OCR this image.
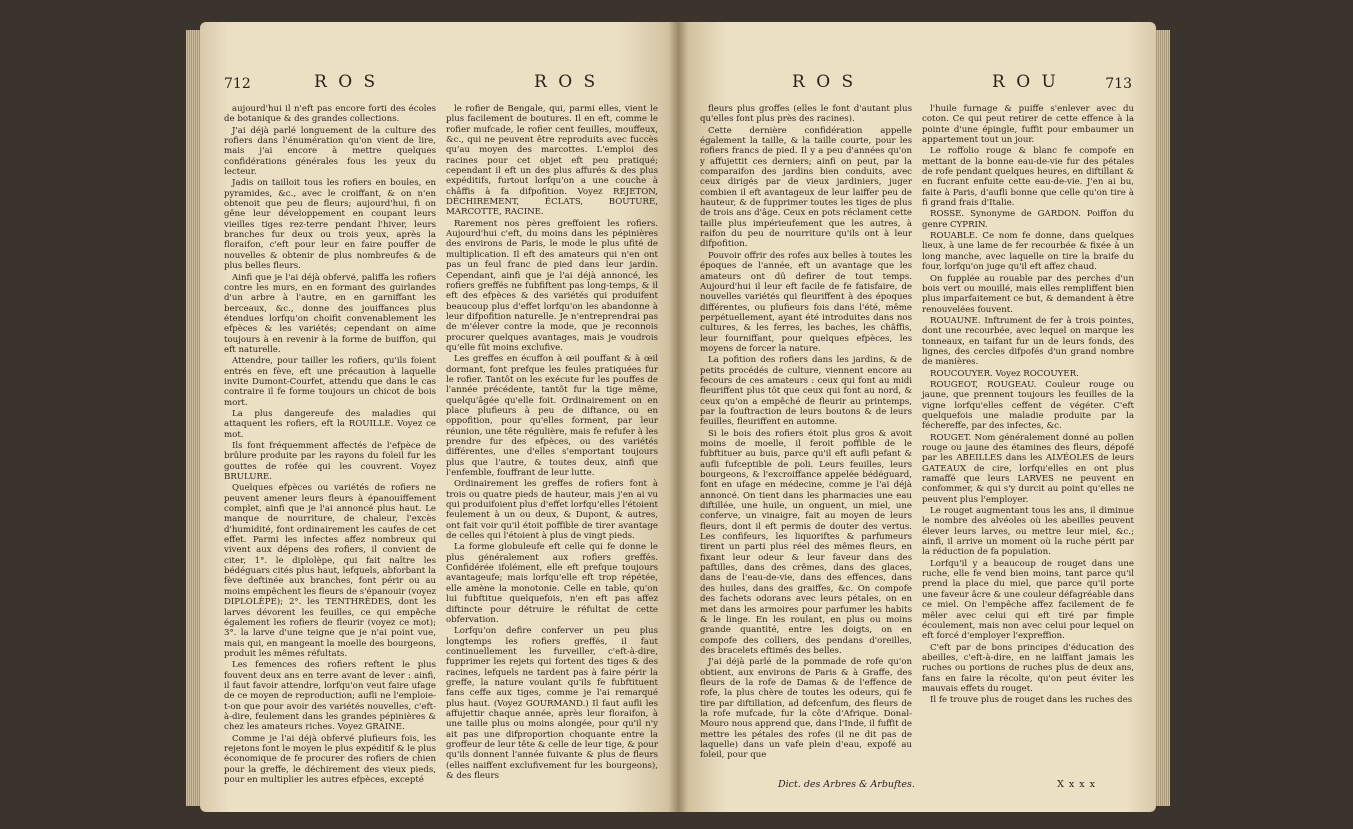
712	R O S	R O S

aujourd'hui il n'eft pas encore forti des écoles de botanique & des grandes collections.

J'ai déjà parlé longuement de la culture des rofiers dans l'énumération qu'on vient de lire, mais j'ai encore à mettre quelques confidérations générales fous les yeux du lecteur.

Jadis on tailloit tous les rofiers en boules, en pyramides, &c., avec le croiffant, & on n'en obtenoit que peu de fleurs; aujourd'hui, fi on gêne leur développement en coupant leurs vieilles tiges rez-terre pendant l'hiver, leurs branches fur deux ou trois yeux, après la floraifon, c'eft pour leur en faire pouffer de nouvelles & obtenir de plus nombreufes & de plus belles fleurs.

Ainfi que je l'ai déjà obfervé, paliffa les rofiers contre les murs, en en formant des guirlandes d'un arbre à l'autre, en en garniffant les berceaux, &c., donne des jouiffances plus étendues lorfqu'on choifit convenablement les efpèces & les variétés; cependant on aime toujours à en revenir à la forme de buiffon, qui eft naturelle.

Attendre, pour tailler les rofiers, qu'ils foient entrés en fève, eft une précaution à laquelle invite Dumont-Courfet, attendu que dans le cas contraire il fe forme toujours un chicot de bois mort.

La plus dangereufe des maladies qui attaquent les rofiers, eft la ROUILLE. Voyez ce mot.

Ils font fréquemment affectés de l'efpèce de brûlure produite par les rayons du foleil fur les gouttes de rofée qui les couvrent. Voyez BRULURE.

Quelques efpèces ou variétés de rofiers ne peuvent amener leurs fleurs à épanouiffement complet, ainfi que je l'ai annoncé plus haut. Le manque de nourriture, de chaleur, l'excès d'humidité, font ordinairement les caufes de cet effet. Parmi les infectes affez nombreux qui vivent aux dépens des rofiers, il convient de citer, 1°. le diplolèpe, qui fait naître les bédéguars cités plus haut, lefquels, abforbant la fève deftinée aux branches, font périr ou au moins empêchent les fleurs de s'épanouir (voyez DIPLOLÈPE); 2°. les TENTHRÈDES, dont les larves dévorent les feuilles, ce qui empêche également les rofiers de fleurir (voyez ce mot); 3°. la larve d'une teigne que je n'ai point vue, mais qui, en mangeant la moelle des bourgeons, produit les mêmes réfultats.

Les femences des rofiers reftent le plus fouvent deux ans en terre avant de lever : ainfi, il faut favoir attendre, lorfqu'on veut faire ufage de ce moyen de reproduction; aufli ne l'emploie-t-on que pour avoir des variétés nouvelles, c'eft-à-dire, feulement dans les grandes pépinières & chez les amateurs riches. Voyez GRAINE.

Comme je l'ai déjà obfervé plufieurs fois, les rejetons font le moyen le plus expéditif & le plus économique de fe procurer des rofiers de chien pour la greffe, le déchirement des vieux pieds, pour en multiplier les autres efpèces, excepté

le rofier de Bengale, qui, parmi elles, vient le plus facilement de boutures. Il en eft, comme le rofier mufcade, le rofier cent feuilles, mouffeux, &c., qui ne peuvent être reproduits avec fuccès qu'au moyen des marcottes. L'emploi des racines pour cet objet eft peu pratiqué; cependant il eft un des plus affurés & des plus expéditifs, furtout lorfqu'on a une couche à châffis à fa difpofition. Voyez REJETON, DÉCHIREMENT, ÉCLATS, BOUTURE, MARCOTTE, RACINE.

Rarement nos pères greffoient les rofiers. Aujourd'hui c'eft, du moins dans les pépinières des environs de Paris, le mode le plus ufité de multiplication. Il eft des amateurs qui n'en ont pas un feul franc de pied dans leur jardin. Cependant, ainfi que je l'ai déjà annoncé, les rofiers greffés ne fubfiftent pas long-temps, & il eft des efpèces & des variétés qui produifent beaucoup plus d'effet lorfqu'on les abandonne à leur difpofition naturelle. Je n'entreprendrai pas de m'élever contre la mode, que je reconnois procurer quelques avantages, mais je voudrois qu'elle fût moins exclufive.

Les greffes en écuffon à œil pouffant & à œil dormant, font prefque les feules pratiquées fur le rofier. Tantôt on les exécute fur les pouffes de l'année précédente, tantôt fur la tige même, quelqu'âgée qu'elle foit. Ordinairement on en place plufieurs à peu de diftance, ou en oppofition, pour qu'elles forment, par leur réunion, une tête régulière, mais fe refufer à les prendre fur des efpèces, ou des variétés différentes, une d'elles s'emportant toujours plus que l'autre, & toutes deux, ainfi que l'enfemble, fouffrant de leur lutte.

Ordinairement les greffes de rofiers font à trois ou quatre pieds de hauteur, mais j'en ai vu qui produifoient plus d'effet lorfqu'elles l'étoient feulement à un ou deux, & Dupont, & autres, ont fait voir qu'il étoit poffible de tirer avantage de celles qui l'étoient à plus de vingt pieds.

La forme globuleufe eft celle qui fe donne le plus généralement aux rofiers greffés. Confidérée ifolément, elle eft prefque toujours avantageufe; mais lorfqu'elle eft trop répétée, elle amène la monotonie. Celle en table, qu'on lui fubftitue quelquefois, n'en eft pas affez diftincte pour détruire le réfultat de cette obfervation.

Lorfqu'on defire conferver un peu plus longtemps les rofiers greffés, il faut continuellement les furveiller, c'eft-à-dire, fupprimer les rejets qui fortent des tiges & des racines, lefquels ne tardent pas à faire périr la greffe, la nature voulant qu'ils fe fubftituent fans ceffe aux tiges, comme je l'ai remarqué plus haut. (Voyez GOURMAND.) Il faut aufli les affujettir chaque année, après leur floraifon, à une taille plus ou moins alongée, pour qu'il n'y ait pas une difproportion choquante entre la groffeur de leur tête & celle de leur tige, & pour qu'ils donnent l'année fuivante & plus de fleurs (elles naiffent exclufivement fur les bourgeons), & des fleurs

R O S	R O U	713

fleurs plus groffes (elles le font d'autant plus qu'elles font plus près des racines).

Cette dernière confidération appelle également la taille, & la taille courte, pour les rofiers francs de pied. Il y a peu d'années qu'on y affujettit ces derniers; ainfi on peut, par la comparaifon des jardins bien conduits, avec ceux dirigés par de vieux jardiniers, juger combien il eft avantageux de leur laiffer peu de hauteur, & de fupprimer toutes les tiges de plus de trois ans d'âge. Ceux en pots réclament cette taille plus impérieufement que les autres, à raifon du peu de nourriture qu'ils ont à leur difpofition.

Pouvoir offrir des rofes aux belles à toutes les époques de l'année, eft un avantage que les amateurs ont dû defirer de tout temps. Aujourd'hui il leur eft facile de fe fatisfaire, de nouvelles variétés qui fleuriffent à des époques différentes, ou plufieurs fois dans l'été, même perpétuellement, ayant été introduites dans nos cultures, & les ferres, les baches, les châffis, leur fourniffant, pour quelques efpèces, les moyens de forcer la nature.

La pofition des rofiers dans les jardins, & de petits procédés de culture, viennent encore au fecours de ces amateurs : ceux qui font au midi fleuriffent plus tôt que ceux qui font au nord, & ceux qu'on a empêché de fleurir au printemps, par la fouftraction de leurs boutons & de leurs feuilles, fleuriffent en automne.

Si le bois des rofiers étoit plus gros & avoit moins de moelle, il feroit poffible de le fubftituer au buis, parce qu'il eft aufli pefant & aufli fufceptible de poli. Leurs feuilles, leurs bourgeons, & l'excroiffance appelée bédéguard, font en ufage en médecine, comme je l'ai déjà annoncé. On tient dans les pharmacies une eau diftillée, une huile, un onguent, un miel, une conferve, un vinaigre, fait au moyen de leurs fleurs, dont il eft permis de douter des vertus. Les confifeurs, les liquoriftes & parfumeurs tirent un parti plus réel des mêmes fleurs, en fixant leur odeur & leur faveur dans des paftilles, dans des crêmes, dans des glaces, dans de l'eau-de-vie, dans des effences, dans des huiles, dans des graiffes, &c. On compofe des fachets odorans avec leurs pétales, on en met dans les armoires pour parfumer les habits & le linge. En les roulant, en plus ou moins grande quantité, entre les doigts, on en compofe des colliers, des pendans d'oreilles, des bracelets eftimés des belles.

J'ai déjà parlé de la pommade de rofe qu'on obtient, aux environs de Paris & à Graffe, des fleurs de la rofe de Damas & de l'effence de rofe, la plus chère de toutes les odeurs, qui fe tire par diftillation, ad defcenfum, des fleurs de la rofe mufcade, fur la côte d'Afrique. Donal-Mouro nous apprend que, dans l'Inde, il fuffit de mettre les pétales des rofes (il ne dit pas de laquelle) dans un vafe plein d'eau, expofé au foleil, pour que

l'huile furnage & puiffe s'enlever avec du coton. Ce qui peut retirer de cette effence à la pointe d'une épingle, fuffit pour embaumer un appartement tout un jour.

Le roffolio rouge & blanc fe compofe en mettant de la bonne eau-de-vie fur des pétales de rofe pendant quelques heures, en diftillant & en fucrant enfuite cette eau-de-vie. J'en ai bu, faite à Paris, d'aufli bonne que celle qu'on tire à fi grand frais d'Italie.

ROSSE. Synonyme de GARDON. Poiffon du genre CYPRIN.

ROUABLE. Ce nom fe donne, dans quelques lieux, à une lame de fer recourbée & fixée à un long manche, avec laquelle on tire la braife du four, lorfqu'on juge qu'il eft affez chaud.

On fupplée au rouable par des perches d'un bois vert ou mouillé, mais elles rempliffent bien plus imparfaitement ce but, & demandent à être renouvelées fouvent.

ROUAUNE. Inftrument de fer à trois pointes, dont une recourbée, avec lequel on marque les tonneaux, en taifant fur un de leurs fonds, des lignes, des cercles difpofés d'un grand nombre de manières.

ROUCOUYER. Voyez ROCOUYER.

ROUGEOT, ROUGEAU. Couleur rouge ou jaune, que prennent toujours les feuilles de la vigne lorfqu'elles ceffent de végéter. C'eft quelquefois une maladie produite par la féchereffe, par des infectes, &c.

ROUGET. Nom généralement donné au pollen rouge ou jaune des étamines des fleurs, dépofé par les ABEILLES dans les ALVÉOLES de leurs GATEAUX de cire, lorfqu'elles en ont plus ramaffé que leurs LARVES ne peuvent en confommer, & qui s'y durcit au point qu'elles ne peuvent plus l'employer.

Le rouget augmentant tous les ans, il diminue le nombre des alvéoles où les abeilles peuvent élever leurs larves, ou mettre leur miel, &c.; ainfi, il arrive un moment où la ruche périt par la réduction de fa population.

Lorfqu'il y a beaucoup de rouget dans une ruche, elle fe vend bien moins, tant parce qu'il prend la place du miel, que parce qu'il porte une faveur âcre & une couleur défagréable dans ce miel. On l'empêche affez facilement de fe mêler avec celui qui eft tiré par fimple écoulement, mais non avec celui pour lequel on eft forcé d'employer l'expreffion.

C'eft par de bons principes d'éducation des abeilles, c'eft-à-dire, en ne laiffant jamais les ruches ou portions de ruches plus de deux ans, fans en faire la récolte, qu'on peut éviter les mauvais effets du rouget.

Il fe trouve plus de rouget dans les ruches des

Dict. des Arbres & Arbuftes.	X x x x
